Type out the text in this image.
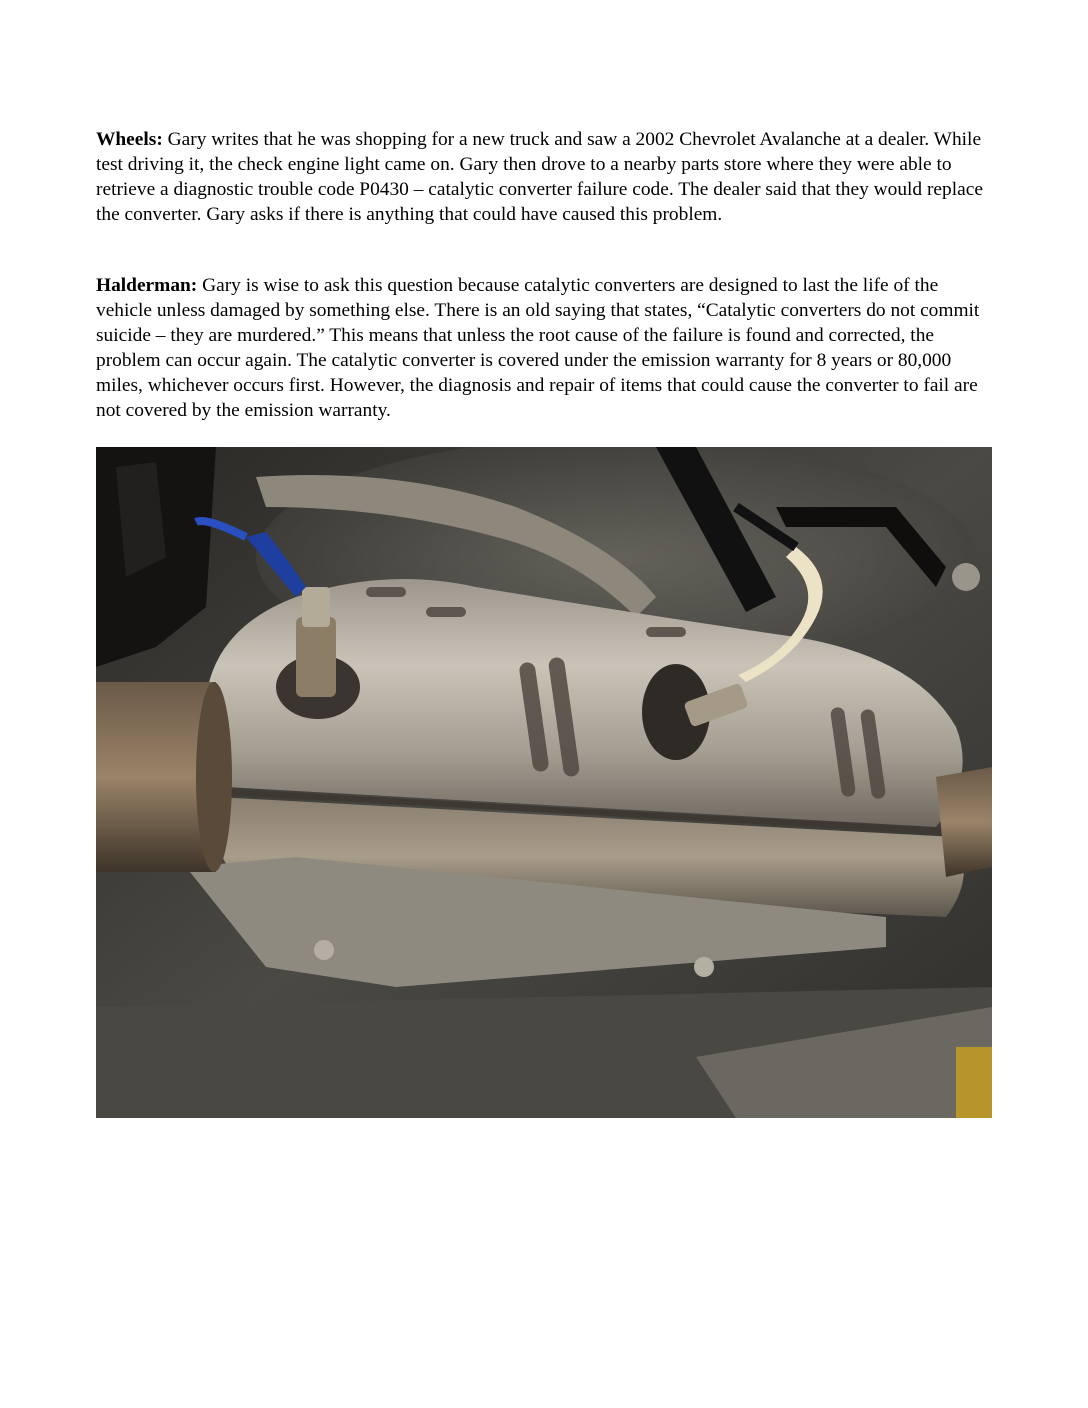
Wheels: Gary writes that he was shopping for a new truck and saw a 2002 Chevrolet Avalanche at a dealer. While test driving it, the check engine light came on. Gary then drove to a nearby parts store where they were able to retrieve a diagnostic trouble code P0430 – catalytic converter failure code. The dealer said that they would replace the converter. Gary asks if there is anything that could have caused this problem.

Halderman: Gary is wise to ask this question because catalytic converters are designed to last the life of the vehicle unless damaged by something else. There is an old saying that states, “Catalytic converters do not commit suicide – they are murdered.” This means that unless the root cause of the failure is found and corrected, the problem can occur again. The catalytic converter is covered under the emission warranty for 8 years or 80,000 miles, whichever occurs first. However, the diagnosis and repair of items that could cause the converter to fail are not covered by the emission warranty.
